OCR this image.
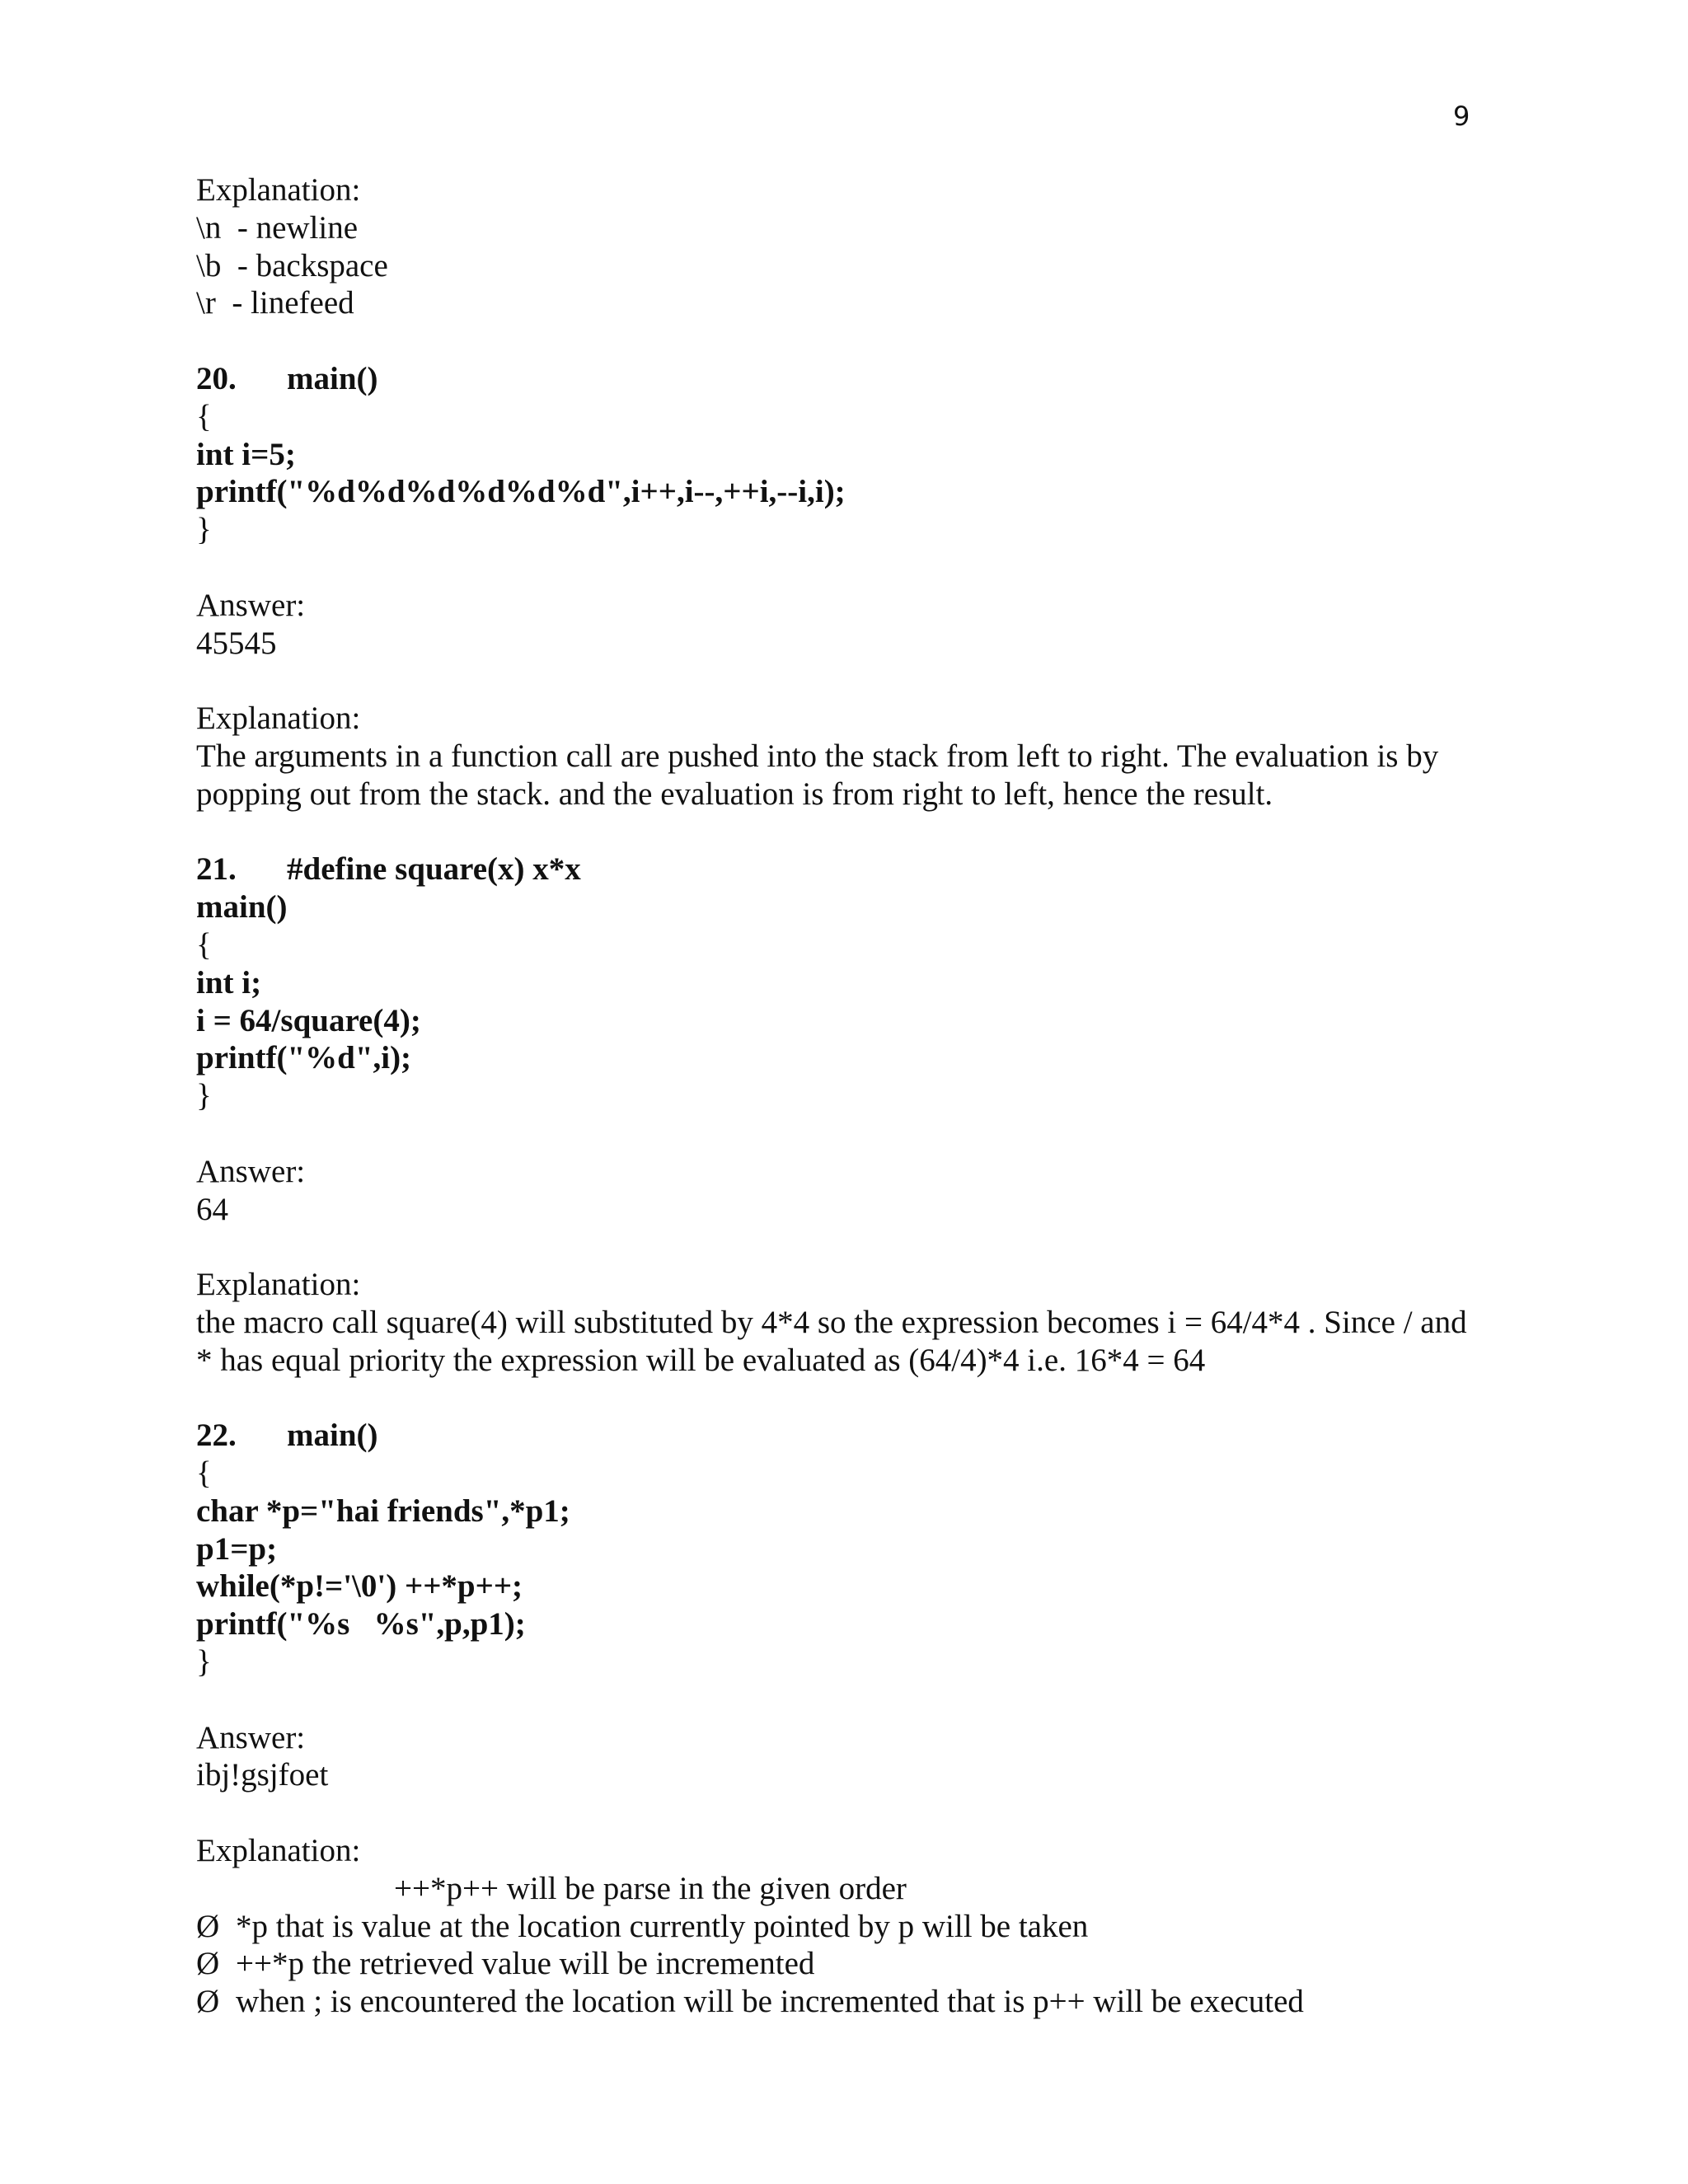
9
Explanation:
\n  - newline
\b  - backspace
\r  - linefeed
20. main()
{
int i=5;
printf("%d%d%d%d%d%d",i++,i--,++i,--i,i);
}
Answer:
45545
Explanation:
The arguments in a function call are pushed into the stack from left to right. The evaluation is by popping out from the stack. and the evaluation is from right to left, hence the result.
21. #define square(x) x*x
main()
{
int i;
i = 64/square(4);
printf("%d",i);
}
Answer:
64
Explanation:
the macro call square(4) will substituted by 4*4 so the expression becomes i = 64/4*4 . Since / and * has equal priority the expression will be evaluated as (64/4)*4 i.e. 16*4 = 64
22. main()
{
char *p="hai friends",*p1;
p1=p;
while(*p!='\0') ++*p++;
printf("%s   %s",p,p1);
}
Answer:
ibj!gsjfoet
Explanation:
++*p++ will be parse in the given order
Ø *p that is value at the location currently pointed by p will be taken
Ø ++*p the retrieved value will be incremented
Ø when ; is encountered the location will be incremented that is p++ will be executed
